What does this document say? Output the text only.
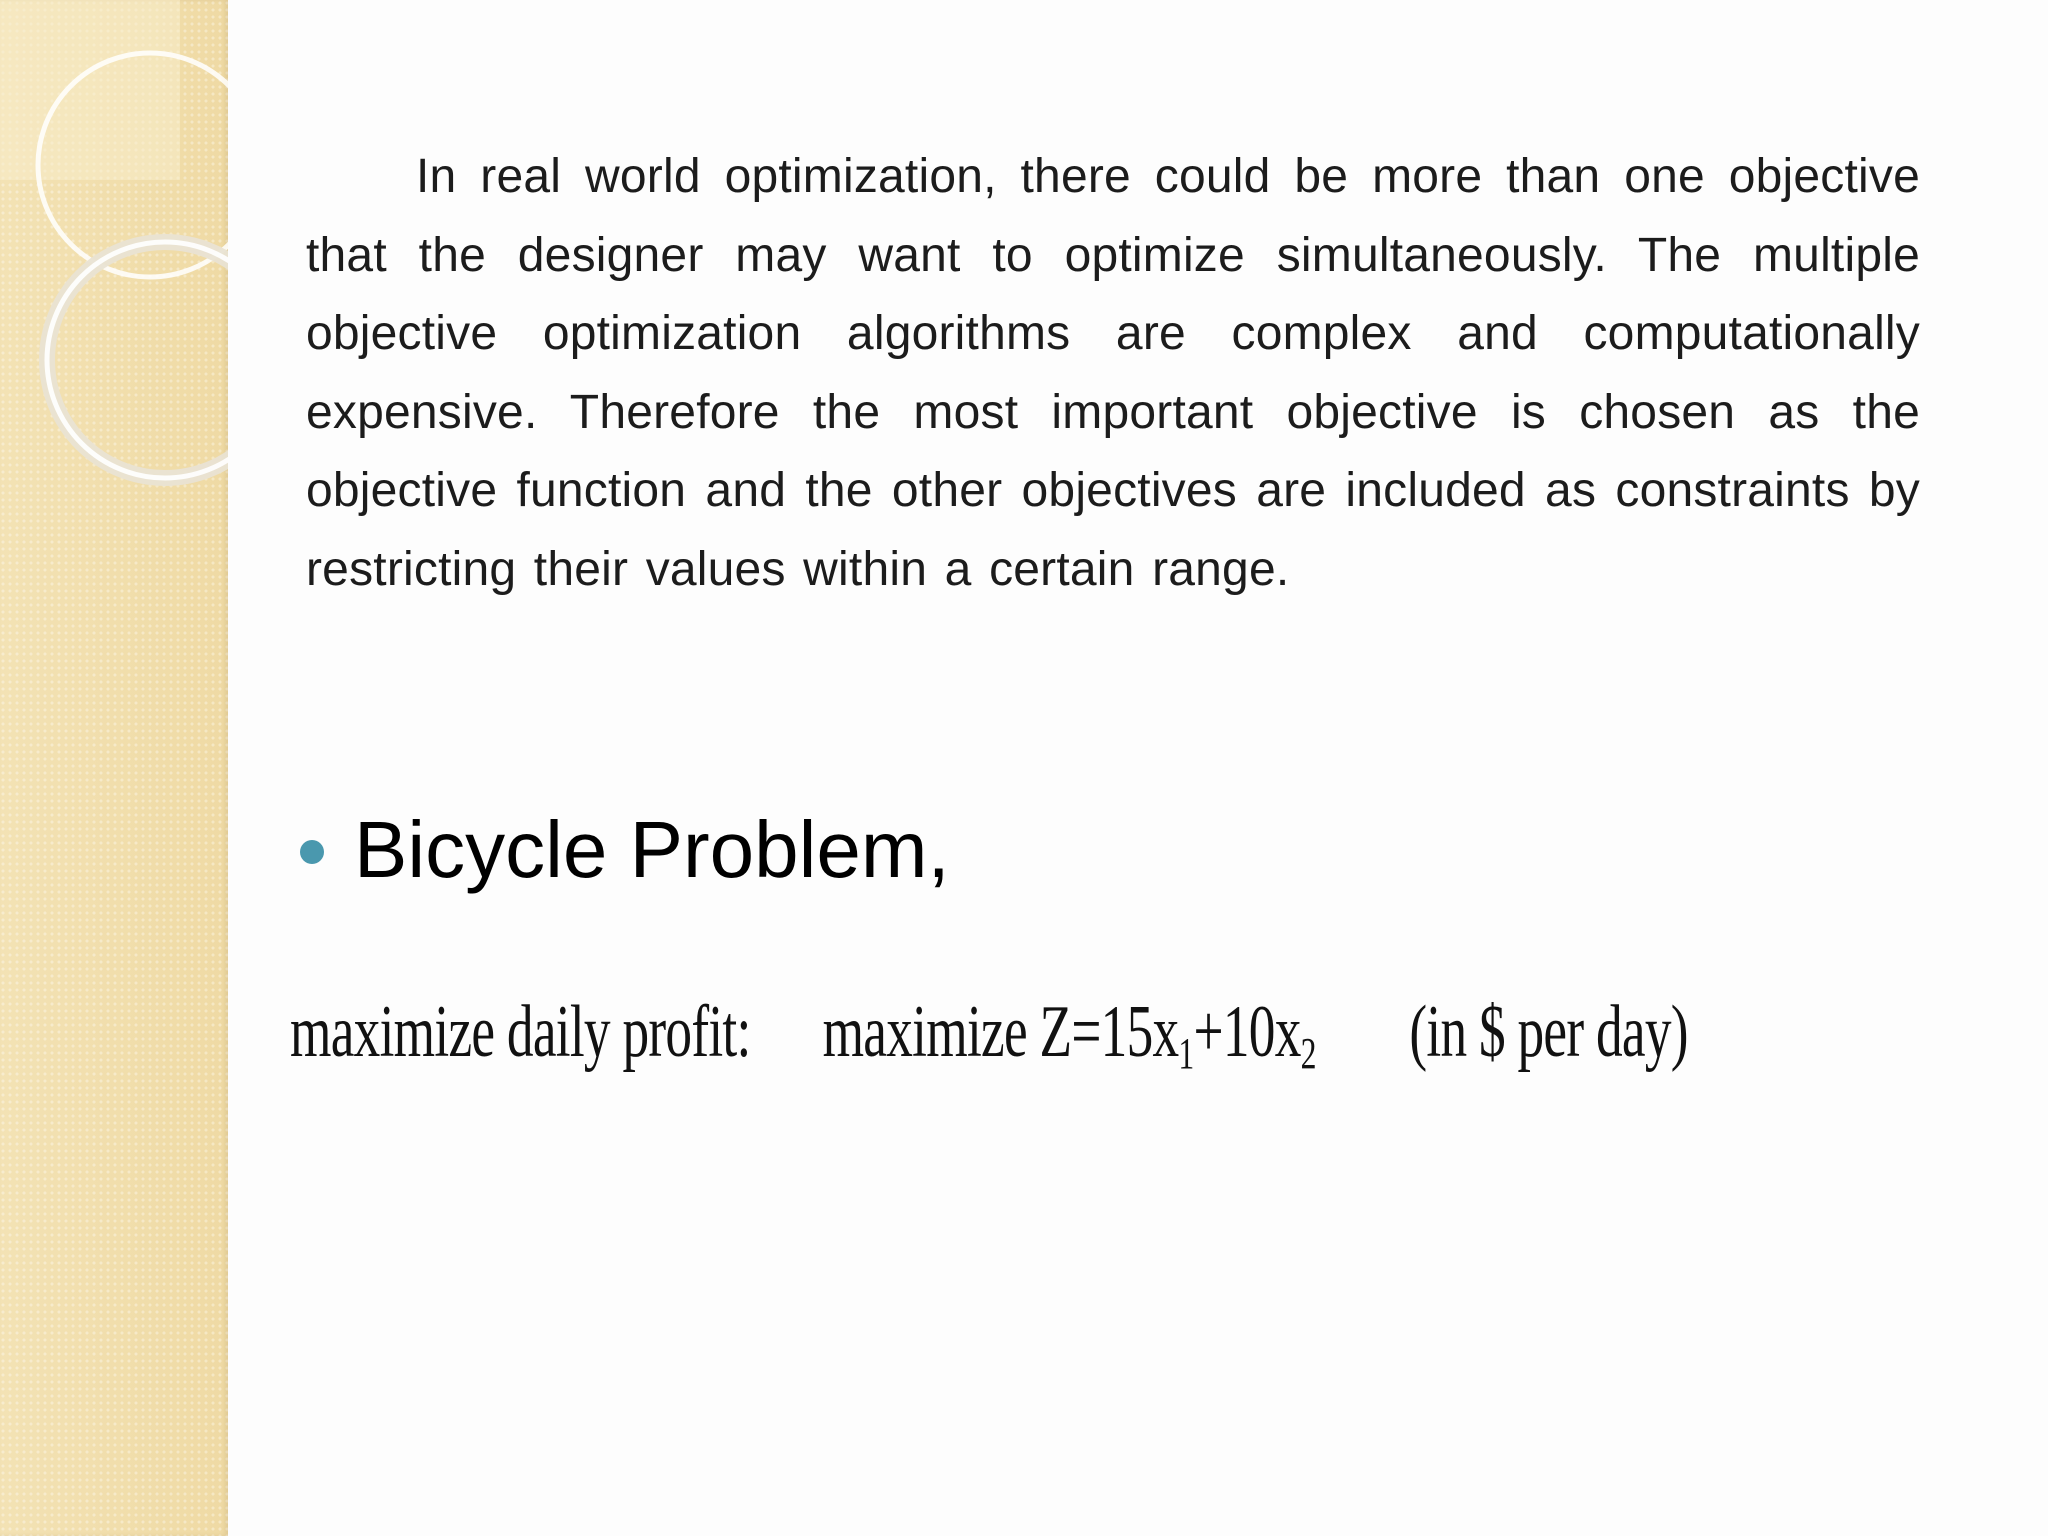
In real world optimization, there could be more than one objective that the designer may want to optimize simultaneously. The multiple objective optimization algorithms are complex and computationally expensive. Therefore the most important objective is chosen as the objective function and the other objectives are included as constraints by restricting their values within a certain range.

Bicycle Problem,
maximize daily profit: maximize $Z=15x_1+10x_2$ (in $ per day)
